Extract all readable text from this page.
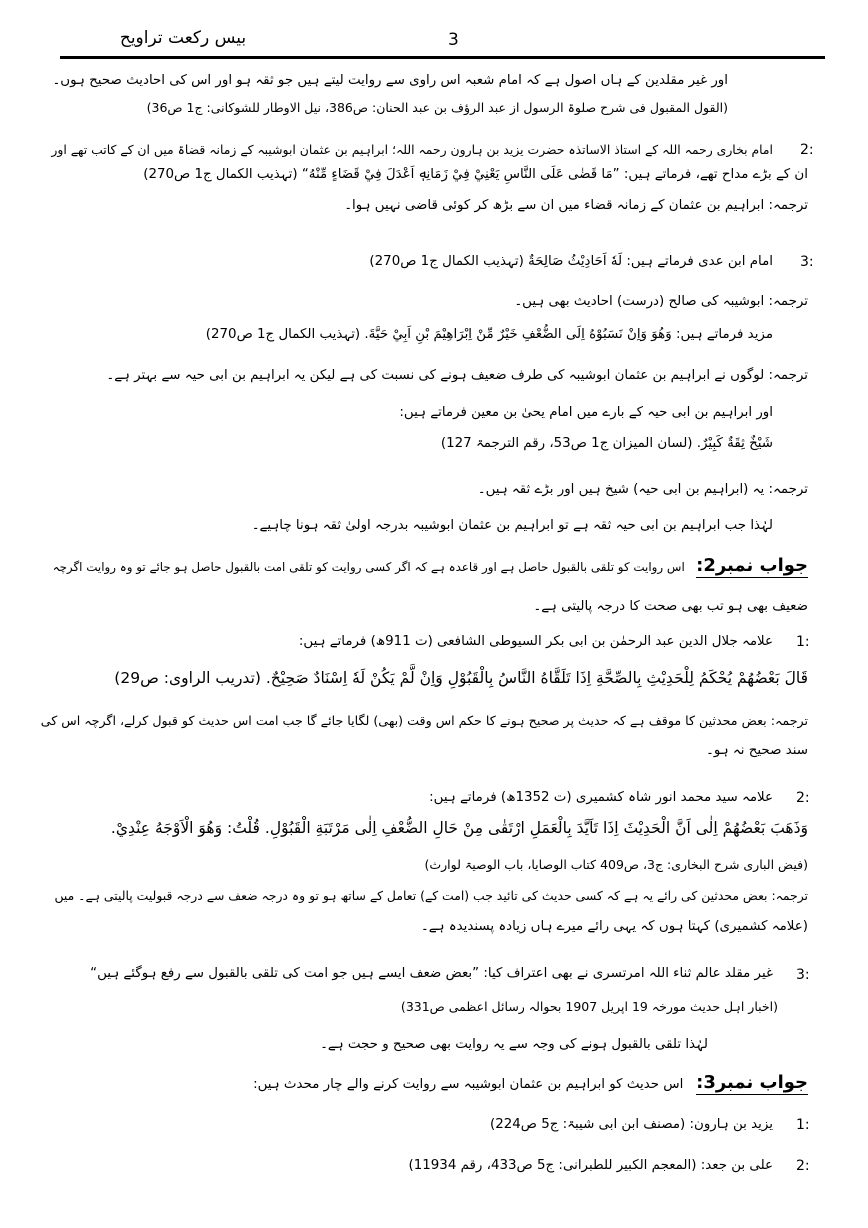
بیس رکعت تراویح	3
اور غیر مقلدین کے ہاں اصول ہے کہ امام شعبہ اس راوی سے روایت لیتے ہیں جو ثقہ ہو اور اس کی احادیث صحیح ہوں۔
(القول المقبول فی شرح صلوۃ الرسول از عبد الرؤف بن عبد الحنان: ص386، نیل الاوطار للشوکانی: ج1 ص36)
2:
امام بخاری رحمہ اللہ کے استاذ الاساتذہ حضرت یزید بن ہارون رحمہ اللہ؛ ابراہیم بن عثمان ابوشیبہ کے زمانہ قضاۃ میں ان کے کاتب تھے اور
ان کے بڑے مداح تھے، فرماتے ہیں: ”مَا قَضٰى عَلَى النَّاسِ يَعْنِيْ فِيْ زَمَانِهٖ اَعْدَلَ فِيْ قَضَاءٍ مِّنْهُ“ (تہذیب الکمال ج1 ص270)
ترجمہ: ابراہیم بن عثمان کے زمانہ قضاء میں ان سے بڑھ کر کوئی قاضی نہیں ہوا۔
3:
امام ابن عدی فرماتے ہیں: لَهٗ اَحَادِيْثُ صَالِحَةٌ (تہذیب الکمال ج1 ص270)
ترجمہ: ابوشیبہ کی صالح (درست) احادیث بھی ہیں۔
مزید فرماتے ہیں: وَهُوَ وَاِنْ نَسَبُوْهُ اِلَى الضُّعْفِ خَيْرٌ مِّنْ اِبْرَاهِيْمَ بْنِ اَبِيْ حَيَّةَ. (تہذیب الکمال ج1 ص270)
ترجمہ: لوگوں نے ابراہیم بن عثمان ابوشیبہ کی طرف ضعیف ہونے کی نسبت کی ہے لیکن یہ ابراہیم بن ابی حیہ سے بہتر ہے۔
اور ابراہیم بن ابی حیہ کے بارے میں امام یحیٰ بن معین فرماتے ہیں:
شَيْخٌ ثِقَةٌ كَبِيْرٌ. (لسان المیزان ج1 ص53، رقم الترجمۃ 127)
ترجمہ: یہ (ابراہیم بن ابی حیہ) شیخ ہیں اور بڑے ثقہ ہیں۔
لہٰذا جب ابراہیم بن ابی حیہ ثقہ ہے تو ابراہیم بن عثمان ابوشیبہ بدرجہ اولیٰ ثقہ ہونا چاہیے۔
جواب نمبر2:   اس روایت کو تلقی بالقبول حاصل ہے اور قاعدہ ہے کہ اگر کسی روایت کو تلقی امت بالقبول حاصل ہو جائے تو وہ روایت اگرچہ
ضعیف بھی ہو تب بھی صحت کا درجہ پالیتی ہے۔
1:
علامہ جلال الدین عبد الرحمٰن بن ابی بکر السیوطی الشافعی (ت 911ھ) فرماتے ہیں:
قَالَ بَعْضُهُمْ يُحْكَمُ لِلْحَدِيْثِ بِالصِّحَّةِ اِذَا تَلَقَّاهُ النَّاسُ بِالْقَبُوْلِ وَاِنْ لَّمْ يَكُنْ لَهٗ اِسْنَادٌ صَحِيْحٌ. (تدریب الراوی: ص29)
ترجمہ: بعض محدثین کا موقف ہے کہ حدیث پر صحیح ہونے کا حکم اس وقت (بھی) لگایا جائے گا جب امت اس حدیث کو قبول کرلے، اگرچہ اس کی
سند صحیح نہ ہو۔
2:
علامہ سید محمد انور شاہ کشمیری (ت 1352ھ) فرماتے ہیں:
وَذَهَبَ بَعْضُهُمْ اِلٰى اَنَّ الْحَدِيْثَ اِذَا تَاَيَّدَ بِالْعَمَلِ ارْتَقٰى مِنْ حَالِ الضُّعْفِ اِلٰى مَرْتَبَةِ الْقَبُوْلِ. قُلْتُ: وَهُوَ الْاَوْجَهُ عِنْدِيْ.
(فیض الباری شرح البخاری: ج3، ص409 کتاب الوصایا، باب الوصیۃ لوارث)
ترجمہ: بعض محدثین کی رائے یہ ہے کہ کسی حدیث کی تائید جب (امت کے) تعامل کے ساتھ ہو تو وہ درجہ ضعف سے درجہ قبولیت پالیتی ہے۔ میں
(علامہ کشمیری) کہتا ہوں کہ یہی رائے میرے ہاں زیادہ پسندیدہ ہے۔
3:
غیر مقلد عالم ثناء اللہ امرتسری نے بھی اعتراف کیا: ”بعض ضعف ایسے ہیں جو امت کی تلقی بالقبول سے رفع ہوگئے ہیں“
(اخبار اہل حدیث مورخہ 19 اپریل 1907 بحوالہ رسائل اعظمی ص331)
لہٰذا تلقی بالقبول ہونے کی وجہ سے یہ روایت بھی صحیح و حجت ہے۔
جواب نمبر3:   اس حدیث کو ابراہیم بن عثمان ابوشیبہ سے روایت کرنے والے چار محدث ہیں:
1:
یزید بن ہارون: (مصنف ابن ابی شیبۃ: ج5 ص224)
2:
علی بن جعد: (المعجم الکبیر للطبرانی: ج5 ص433، رقم 11934)
